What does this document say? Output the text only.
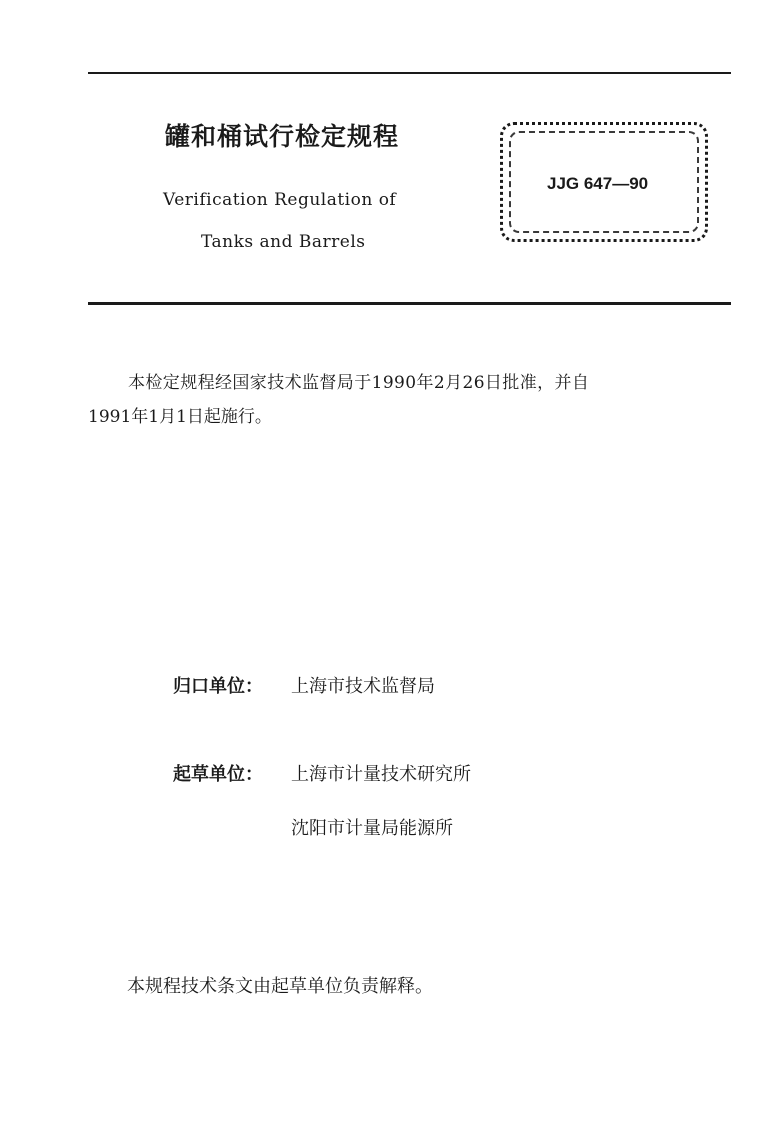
罐和桶试行检定规程
Verification Regulation of
Tanks and Barrels
JJG 647—90
本检定规程经国家技术监督局于1990年2月26日批准，并自
1991年1月1日起施行。
归口单位： 上海市技术监督局
起草单位： 上海市计量技术研究所
沈阳市计量局能源所
本规程技术条文由起草单位负责解释。
